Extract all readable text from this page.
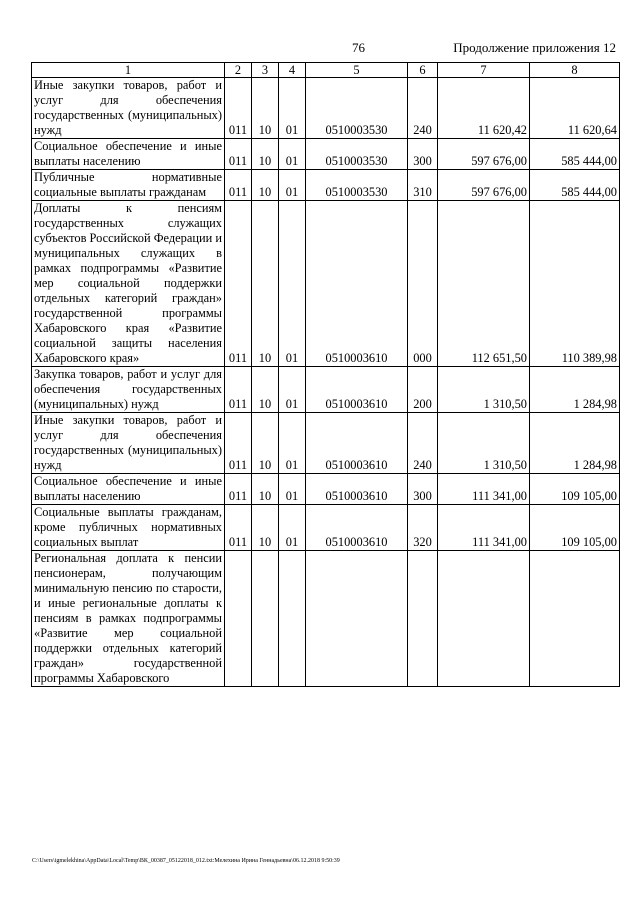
76	Продолжение приложения 12
1	2	3	4	5	6	7	8
Иные закупки товаров, работ и услуг для обеспечения государственных (муниципальных) нужд	011	10	01	0510003530	240	11 620,42	11 620,64
Социальное обеспечение и иные выплаты населению	011	10	01	0510003530	300	597 676,00	585 444,00
Публичные нормативные социальные выплаты гражданам	011	10	01	0510003530	310	597 676,00	585 444,00
Доплаты к пенсиям государственных служащих субъектов Российской Федерации и муниципальных служащих в рамках подпрограммы «Развитие мер социальной поддержки отдельных категорий граждан» государственной программы Хабаровского края «Развитие социальной защиты населения Хабаровского края»	011	10	01	0510003610	000	112 651,50	110 389,98
Закупка товаров, работ и услуг для обеспечения государственных (муниципальных) нужд	011	10	01	0510003610	200	1 310,50	1 284,98
Иные закупки товаров, работ и услуг для обеспечения государственных (муниципальных) нужд	011	10	01	0510003610	240	1 310,50	1 284,98
Социальное обеспечение и иные выплаты населению	011	10	01	0510003610	300	111 341,00	109 105,00
Социальные выплаты гражданам, кроме публичных нормативных социальных выплат	011	10	01	0510003610	320	111 341,00	109 105,00
Региональная доплата к пенсии пенсионерам, получающим минимальную пенсию по старости, и иные региональные доплаты к пенсиям в рамках подпрограммы «Развитие мер социальной поддержки отдельных категорий граждан» государственной программы Хабаровского							
C:\Users\igmelekhina\AppData\Local\Temp\ВК_00387_05122018_012.txt:Мелехина Ирина Геннадьевна\06.12.2018 9:50:39
